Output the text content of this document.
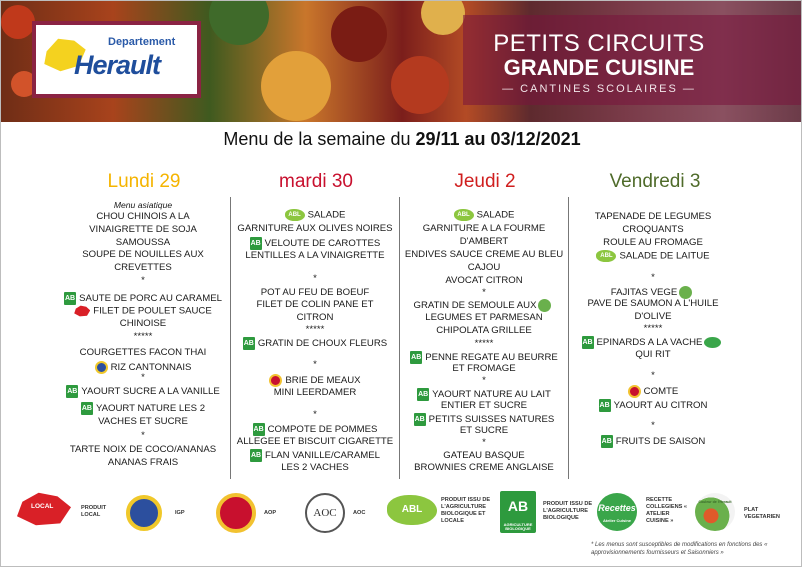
Departement
Herault
PETITS CIRCUITS
GRANDE CUISINE
— CANTINES SCOLAIRES —
Menu de la semaine du 29/11 au 03/12/2021
Lundi 29	mardi 30	Jeudi 2	Vendredi 3
Menu asiatique
CHOU CHINOIS A LA
VINAIGRETTE DE SOJA
SAMOUSSA
SOUPE DE NOUILLES AUX
CREVETTES
*
AB SAUTE DE PORC AU CARAMEL
FILET DE POULET SAUCE
CHINOISE
*****
COURGETTES FACON THAI
RIZ CANTONNAIS
*
AB YAOURT SUCRE A LA VANILLE
AB YAOURT NATURE LES 2
VACHES ET SUCRE
*
TARTE NOIX DE COCO/ANANAS
ANANAS FRAIS
ABL SALADE
GARNITURE AUX OLIVES NOIRES
AB VELOUTE DE CAROTTES
LENTILLES A LA VINAIGRETTE
*
POT AU FEU DE BOEUF
FILET DE COLIN PANE ET
CITRON
*****
AB GRATIN DE CHOUX FLEURS
*
BRIE DE MEAUX
MINI LEERDAMER
*
AB COMPOTE DE POMMES
ALLEGEE ET BISCUIT CIGARETTE
AB FLAN VANILLE/CARAMEL
LES 2 VACHES
ABL SALADE
GARNITURE A LA FOURME
D'AMBERT
ENDIVES SAUCE CREME AU BLEU
CAJOU
AVOCAT CITRON
*
GRATIN DE SEMOULE AUX
LEGUMES ET PARMESAN
CHIPOLATA GRILLEE
*****
AB PENNE REGATE AU BEURRE
ET FROMAGE
*
AB YAOURT NATURE AU LAIT
ENTIER ET SUCRE
AB PETITS SUISSES NATURES
ET SUCRE
*
GATEAU BASQUE
BROWNIES CREME ANGLAISE
TAPENADE DE LEGUMES
CROQUANTS
ROULE AU FROMAGE
ABL SALADE DE LAITUE
*
FAJITAS VEGE
PAVE DE SAUMON A L'HUILE
D'OLIVE
*****
AB EPINARDS A LA VACHE
QUI RIT
*
COMTE
AB YAOURT AU CITRON
*
AB FRUITS DE SAISON
LOCAL	PRODUIT LOCAL	IGP	AOP	AOC	AOC	ABL
PRODUIT ISSU DE L'AGRICULTURE BIOLOGIQUE ET LOCALE
AB
AGRICULTURE BIOLOGIQUE
PRODUIT ISSU DE L'AGRICULTURE BIOLOGIQUE
Recettes
Atelier Cuisine
RECETTE COLLEGIENS « ATELIER CUISINE »
Couleur de l'Herault
PLAT VEGETARIEN
* Les menus sont susceptibles de modifications en fonctions des « approvisionnements fournisseurs et Saisonniers »
